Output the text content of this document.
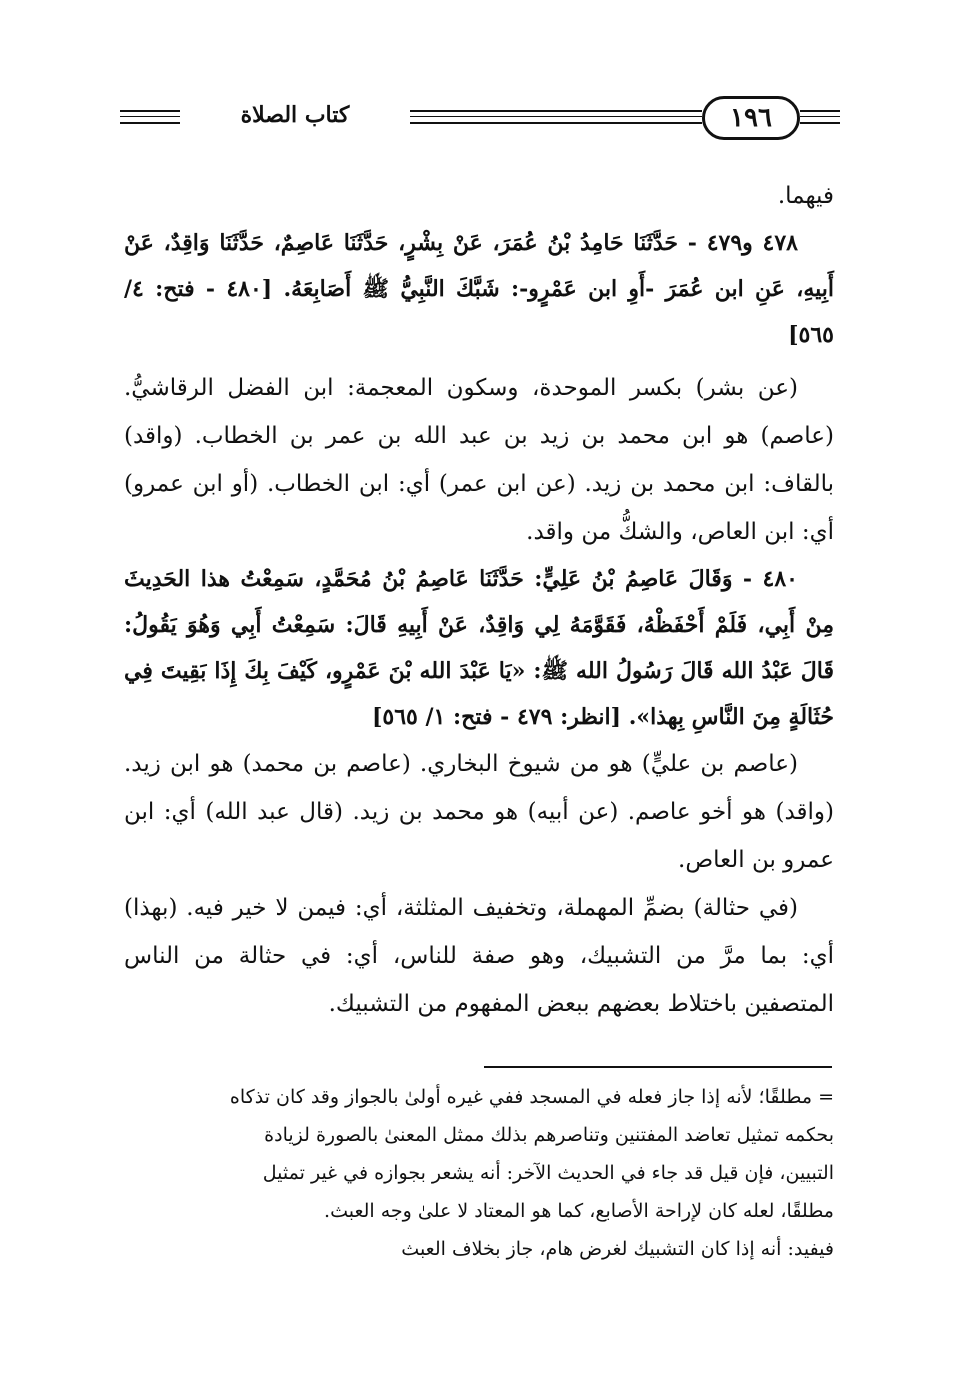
كتاب الصلاة	١٩٦

فيهما.

٤٧٨ و٤٧٩ - حَدَّثَنَا حَامِدُ بْنُ عُمَرَ، عَنْ بِشْرٍ، حَدَّثَنَا عَاصِمٌ، حَدَّثَنَا وَاقِدٌ، عَنْ أَبِيهِ، عَنِ ابن عُمَرَ -أَوِ ابن عَمْرٍو-: شَبَّكَ النَّبِيُّ ﷺ أَصَابِعَهُ. [٤٨٠ - فتح: ٤/ ٥٦٥]

(عن بشر) بكسر الموحدة، وسكون المعجمة: ابن الفضل الرقاشيُّ. (عاصم) هو ابن محمد بن زيد بن عبد الله بن عمر بن الخطاب. (واقد) بالقاف: ابن محمد بن زيد. (عن ابن عمر) أي: ابن الخطاب. (أو ابن عمرو) أي: ابن العاص، والشكُّ من واقد.

٤٨٠ - وَقَالَ عَاصِمُ بْنُ عَلِيٍّ: حَدَّثَنَا عَاصِمُ بْنُ مُحَمَّدٍ، سَمِعْتُ هذا الحَدِيثَ مِنْ أَبِي، فَلَمْ أَحْفَظْهُ، فَقَوَّمَهُ لِي وَاقِدٌ، عَنْ أَبِيهِ قَالَ: سَمِعْتُ أَبِي وَهُوَ يَقُولُ: قَالَ عَبْدُ الله قَالَ رَسُولُ الله ﷺ: «يَا عَبْدَ الله بْنَ عَمْرٍو، كَيْفَ بِكَ إِذَا بَقِيتَ فِي حُثَالَةٍ مِنَ النَّاسِ بِهذا». [انظر: ٤٧٩ - فتح: ١/ ٥٦٥]

(عاصم بن عليٍّ) هو من شيوخ البخاري. (عاصم بن محمد) هو ابن زيد. (واقد) هو أخو عاصم. (عن أبيه) هو محمد بن زيد. (قال عبد الله) أي: ابن عمرو بن العاص.

(في حثالة) بضمِّ المهملة، وتخفيف المثلثة، أي: فيمن لا خير فيه. (بهذا) أي: بما مرَّ من التشبيك، وهو صفة للناس، أي: في حثالة من الناس المتصفين باختلاط بعضهم ببعض المفهوم من التشبيك.

= مطلقًا؛ لأنه إذا جاز فعله في المسجد ففي غيره أولىٰ بالجواز وقد كان تذكاه

بحكمه تمثيل تعاضد المفتنين وتناصرهم بذلك ممثل المعنىٰ بالصورة لزيادة

التبيين، فإن قيل قد جاء في الحديث الآخر: أنه يشعر بجوازه في غير تمثيل

مطلقًا، لعله كان لإراحة الأصابع، كما هو المعتاد لا علىٰ وجه العبث.

فيفيد: أنه إذا كان التشبيك لغرض هام، جاز بخلاف العبث
